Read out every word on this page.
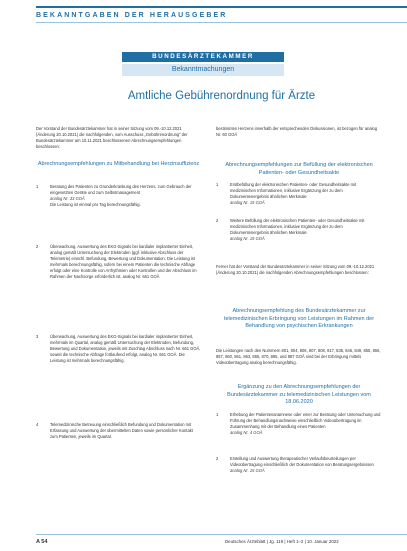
BEKANNTGABEN DER HERAUSGEBER
BUNDESÄRZTEKAMMER
Bekanntmachungen
Amtliche Gebührenordnung für Ärzte

Der Vorstand der Bundesärztekammer hat in seiner Sitzung vom 09.-10.12.2021 (Änderung 20.10.2021) die nachfolgenden, vom Ausschuss „Gebührenordnung“ der Bundesärztekammer am 10.11.2021 beschlossenen Abrechnungsempfehlungen beschlossen:

Abrechnungsempfehlungen zu Mitbehandlung bei Herzinsuffizienz
1	Beratung des Patienten zu Grunderkrankung des Herzens, zum Gebrauch der eingesetzten Geräte und zum Selbstmanagement

analog Nr. 33 GOÄ

Die Leistung ist einmal pro Tag berechnungsfähig.

2	Überwachung, Auswertung des EKG-Signals bei kardialer implantierter Einheit, analog gemäß Untersuchung der Elektroden (ggf. inklusive Abschluss der Telemetrie) einschl. Befundung, Bewertung und Dokumentation. Die Leistung ist mehrmals berechnungsfähig, sofern bei einem Patienten die technische Abfrage erfolgt oder eine Kontrolle von Arrhythmien oder Kontrollen und der Abschluss im Rahmen der Nachsorge erforderlich ist. analog Nr. 661 GOÄ

3	Überwachung, Auswertung des EKG-Signals bei kardialer implantierter Einheit, mehrmals im Quartal, analog gemäß Untersuchung der Elektroden, Befundung, Bewertung und Dokumentation, jeweils mit Zuschlag Abschluss nach Nr. 661 GOÄ, soweit die technische Abfrage fortlaufend erfolgt, analog Nr. 661 GOÄ. Die Leistung ist mehrmals berechnungsfähig.

4	Telemedizinische Betreuung einschließlich Befundung und Dokumentation mit Erfassung und Auswertung der übermittelten Daten sowie persönlicher Kontakt zum Patienten, jeweils im Quartal.

bestimmten Herzens innerhalb der entsprechenden Diskussionen, ist bezogen für analog Nr. 60 GOÄ

Abrechnungsempfehlungen zur Befüllung der elektronischen Patienten- oder Gesundheitsakte
1	Erstbefüllung der elektronischen Patienten- oder Gesundheitsakte mit medizinischen Informationen, inklusive Ergänzung der zu dem Dokumentenergebnis ähnlichen Merkmale

analog Nr. 15 GOÄ

2	Weitere Befüllung der elektronischen Patienten- oder Gesundheitsakte mit medizinischen Informationen, inklusive Ergänzung der zu dem Dokumentenergebnis ähnlichen Merkmale

analog Nr. 15 GOÄ

Ferner hat der Vorstand der Bundesärztekammer in seiner Sitzung vom 09.-10.12.2021 (Änderung 20.10.2021) die nachfolgenden Abrechnungsempfehlungen beschlossen:

Abrechnungsempfehlung des Bundesärztekammer zur telemedizinischen Erbringung von Leistungen im Rahmen der Behandlung von psychischen Erkrankungen

Die Leistungen nach den Nummern 801, 804, 806, 807, 808, 817, 835, 846, 849, 855, 856, 857, 860, 861, 863, 865, 870, 885, und 887 GOÄ sind bei der Erbringung mittels Videoübertragung analog berechnungsfähig.

Ergänzung zu den Abrechnungsempfehlungen der Bundesärztekammer zu telemedizinischen Leistungen vom 18.06.2020
1	Erhebung der Patientenanamnese oder einer zur Beratung oder Untersuchung und Führung der Behandlungsnachweise einschließlich Videoübertragung im Zusammenhang mit der Behandlung eines Patienten

analog Nr. 4 GOÄ

2	Erstellung und Auswertung therapeutischer Verlaufsbeurteilungen per Videoübertragung einschließlich der Dokumentation von Beratungsergebnissen

analog Nr. 15 GOÄ

A 54	Deutsches Ärzteblatt | Jg. 119 | Heft 1–2 | 10. Januar 2022
